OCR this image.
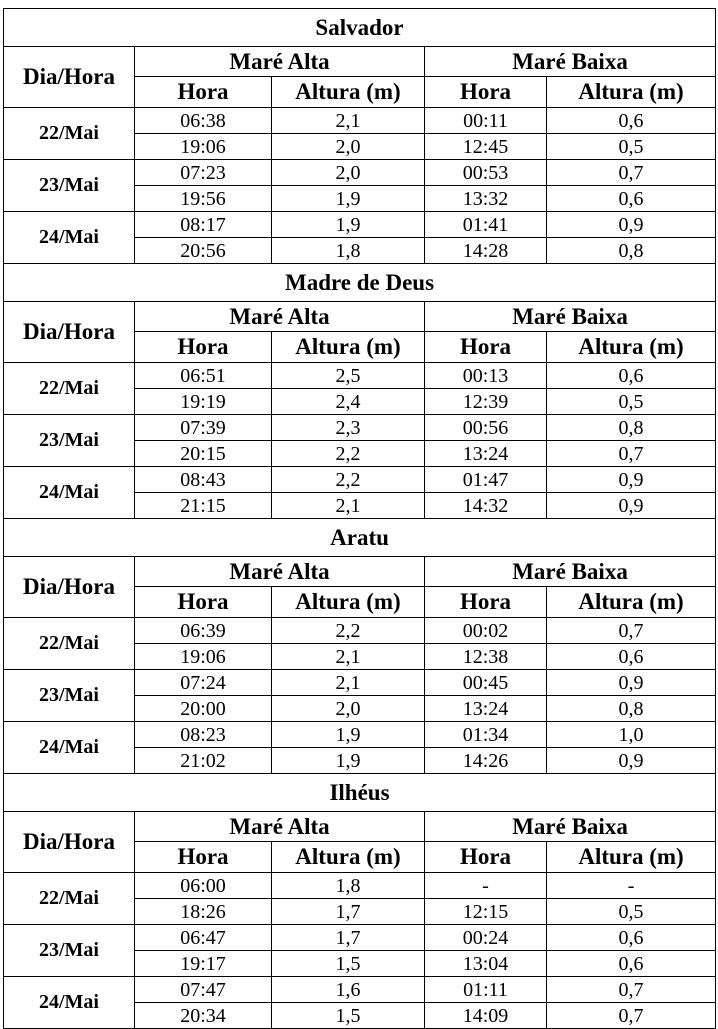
Salvador				
Dia/Hora	Maré Alta		Maré Baixa	
	Hora	Altura (m)	Hora	Altura (m)
22/Mai	06:38	2,1	00:11	0,6
	19:06	2,0	12:45	0,5
23/Mai	07:23	2,0	00:53	0,7
	19:56	1,9	13:32	0,6
24/Mai	08:17	1,9	01:41	0,9
	20:56	1,8	14:28	0,8
Madre de Deus				
Dia/Hora	Maré Alta		Maré Baixa	
	Hora	Altura (m)	Hora	Altura (m)
22/Mai	06:51	2,5	00:13	0,6
	19:19	2,4	12:39	0,5
23/Mai	07:39	2,3	00:56	0,8
	20:15	2,2	13:24	0,7
24/Mai	08:43	2,2	01:47	0,9
	21:15	2,1	14:32	0,9
Aratu				
Dia/Hora	Maré Alta		Maré Baixa	
	Hora	Altura (m)	Hora	Altura (m)
22/Mai	06:39	2,2	00:02	0,7
	19:06	2,1	12:38	0,6
23/Mai	07:24	2,1	00:45	0,9
	20:00	2,0	13:24	0,8
24/Mai	08:23	1,9	01:34	1,0
	21:02	1,9	14:26	0,9
Ilhéus				
Dia/Hora	Maré Alta		Maré Baixa	
	Hora	Altura (m)	Hora	Altura (m)
22/Mai	06:00	1,8	-	-
	18:26	1,7	12:15	0,5
23/Mai	06:47	1,7	00:24	0,6
	19:17	1,5	13:04	0,6
24/Mai	07:47	1,6	01:11	0,7
	20:34	1,5	14:09	0,7
